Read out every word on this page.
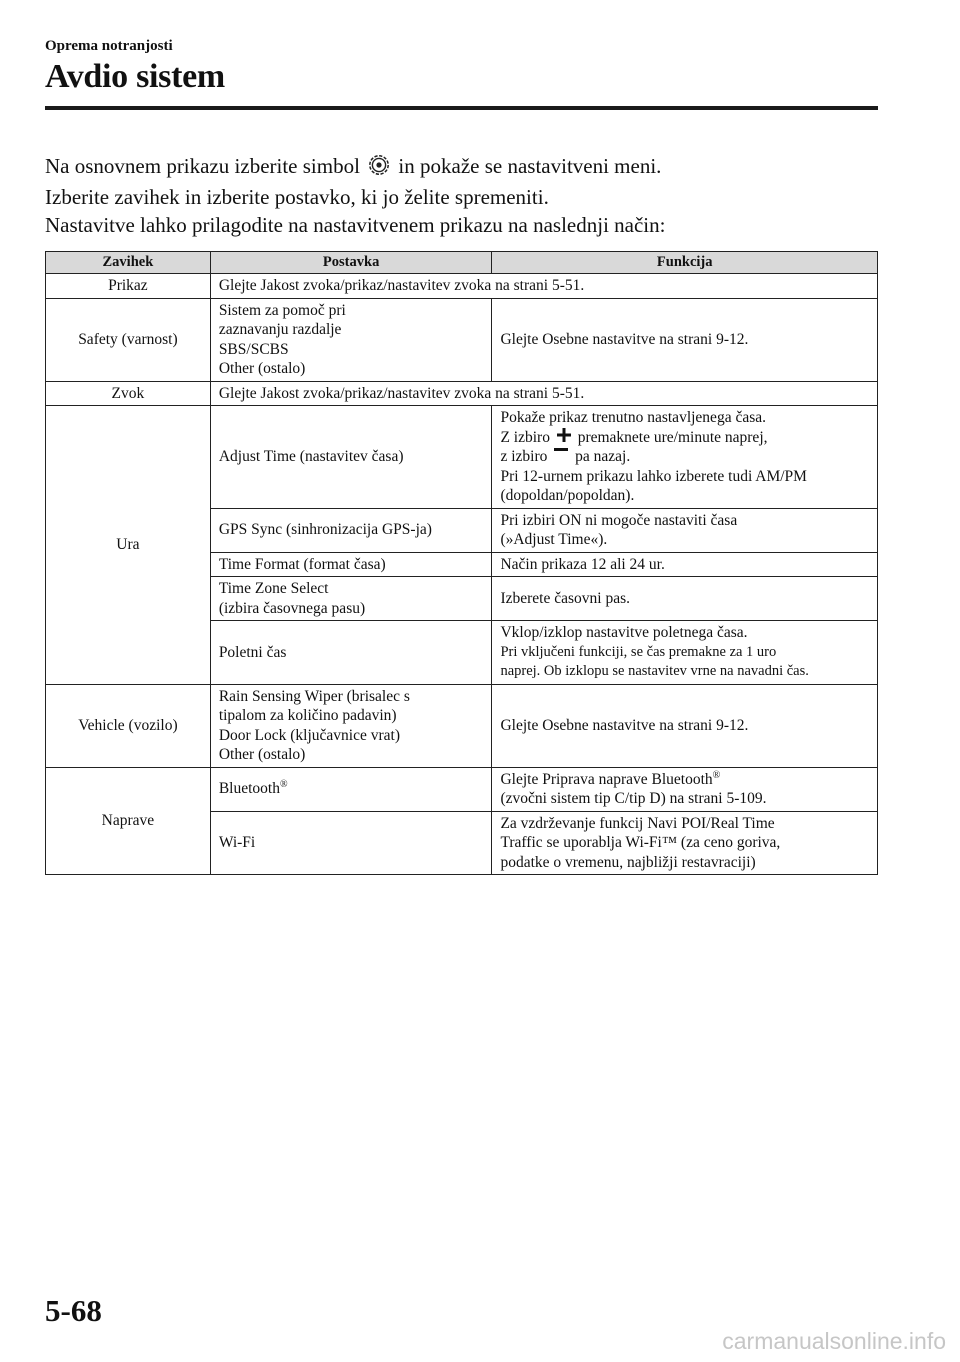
Oprema notranjosti
Avdio sistem

Na osnovnem prikazu izberite simbol in pokaže se nastavitveni meni.

Izberite zavihek in izberite postavko, ki jo želite spremeniti.

Nastavitve lahko prilagodite na nastavitvenem prikazu na naslednji način:

Zavihek	Postavka	Funkcija
Prikaz	Glejte Jakost zvoka/prikaz/nastavitev zvoka na strani 5-51.	
Safety (varnost)	Sistem za pomoč pri
zaznavanju razdalje
SBS/SCBS
Other (ostalo)	Glejte Osebne nastavitve na strani 9-12.
Zvok	Glejte Jakost zvoka/prikaz/nastavitev zvoka na strani 5-51.	
Ura	Adjust Time (nastavitev časa)	Pokaže prikaz trenutno nastavljenega časa.
Z izbiro premaknete ure/minute naprej,
z izbiro pa nazaj.
Pri 12-urnem prikazu lahko izberete tudi AM/PM
(dopoldan/popoldan).

	GPS Sync (sinhronizacija GPS-ja)	Pri izbiri ON ni mogoče nastaviti časa
(»Adjust Time«).

	Time Format (format časa)	Način prikaza 12 ali 24 ur.

	Time Zone Select
(izbira časovnega pasu)	Izberete časovni pas.
	Poletni čas	Vklop/izklop nastavitve poletnega časa.
Pri vključeni funkciji, se čas premakne za 1 uro
naprej. Ob izklopu se nastavitev vrne na navadni čas.

Vehicle (vozilo)	Rain Sensing Wiper (brisalec s
tipalom za količino padavin)
Door Lock (ključavnice vrat)
Other (ostalo)	Glejte Osebne nastavitve na strani 9-12.
Naprave	Bluetooth®	Glejte Priprava naprave Bluetooth®
(zvočni sistem tip C/tip D) na strani 5-109.

	Wi-Fi	Za vzdrževanje funkcij Navi POI/Real Time
Traffic se uporablja Wi-Fi™ (za ceno goriva,
podatke o vremenu, najbližji restavraciji)
5-68
carmanualsonline.info
